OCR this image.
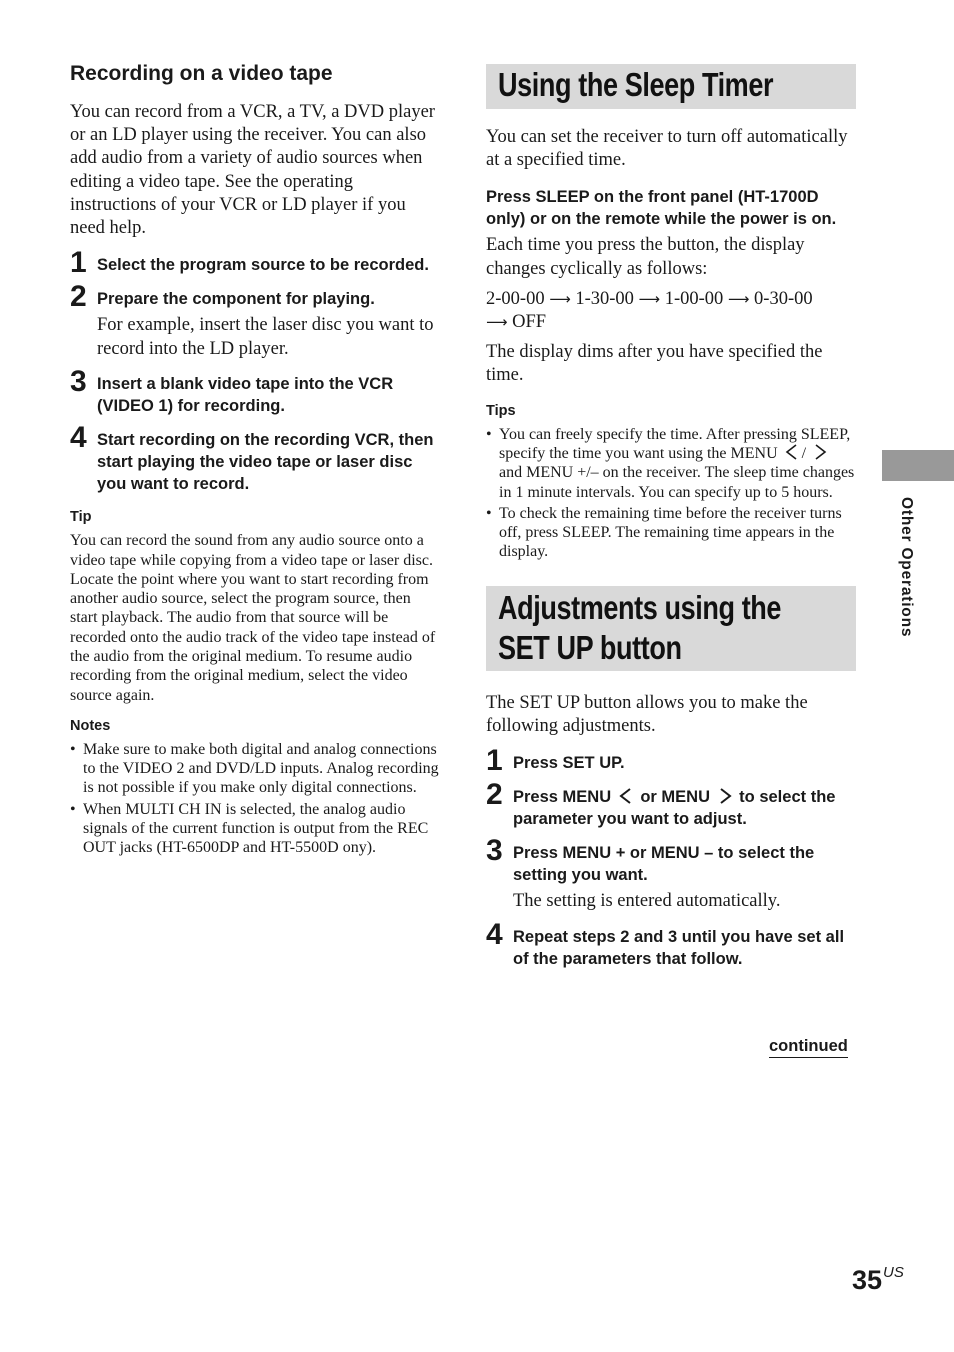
Recording on a video tape

You can record from a VCR, a TV, a DVD player or an LD player using the receiver. You can also add audio from a variety of audio sources when editing a video tape. See the operating instructions of your VCR or LD player if you need help.

1 Select the program source to be recorded.

2 Prepare the component for playing.

For example, insert the laser disc you want to record into the LD player.

3 Insert a blank video tape into the VCR (VIDEO 1) for recording.

4 Start recording on the recording VCR, then start playing the video tape or laser disc you want to record.

Tip

You can record the sound from any audio source onto a video tape while copying from a video tape or laser disc. Locate the point where you want to start recording from another audio source, select the program source, then start playback. The audio from that source will be recorded onto the audio track of the video tape instead of the audio from the original medium. To resume audio recording from the original medium, select the video source again.

Notes

• Make sure to make both digital and analog connections to the VIDEO 2 and DVD/LD inputs. Analog recording is not possible if you make only digital connections.
• When MULTI CH IN is selected, the analog audio signals of the current function is output from the REC OUT jacks (HT-6500DP and HT-5500D ony).
Using the Sleep Timer

You can set the receiver to turn off automatically at a specified time.

Press SLEEP on the front panel (HT-1700D only) or on the remote while the power is on.

Each time you press the button, the display changes cyclically as follows:

2-00-00 ⟶ 1-30-00 ⟶ 1-00-00 ⟶ 0-30-00
⟶ OFF

The display dims after you have specified the time.

Tips

• You can freely specify the time. After pressing SLEEP, specify the time you want using the MENU /
and MENU +/– on the receiver. The sleep time changes in 1 minute intervals. You can specify up to 5 hours.
• To check the remaining time before the receiver turns off, press SLEEP. The remaining time appears in the display.
Adjustments using the
SET UP button

The SET UP button allows you to make the following adjustments.

1 Press SET UP.

2 Press MENU or MENU to select the parameter you want to adjust.

3 Press MENU + or MENU – to select the setting you want.

The setting is entered automatically.

4 Repeat steps 2 and 3 until you have set all of the parameters that follow.

continued
Other Operations
$35^{US}$
